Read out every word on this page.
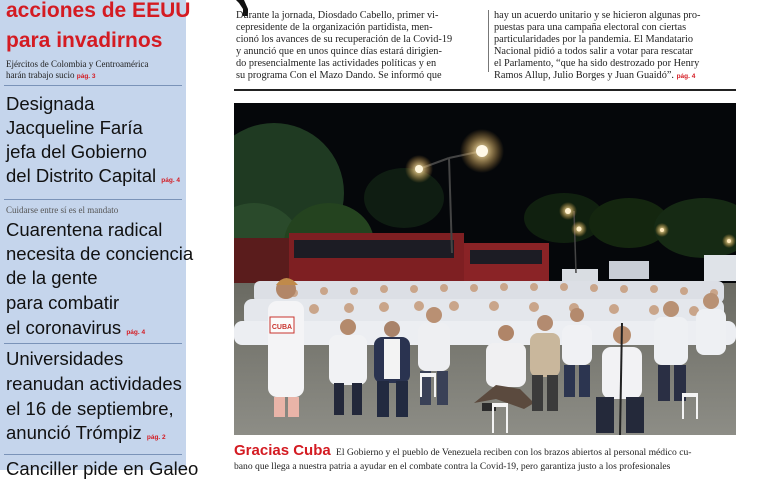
acciones de EEUU
para invadirnos
Ejércitos de Colombia y Centroamérica
harán trabajo sucio pág. 3
Designada
Jacqueline Faría
jefa del Gobierno
del Distrito Capital pág. 4
Cuidarse entre sí es el mandato
Cuarentena radical
necesita de conciencia
de la gente
para combatir
el coronavirus pág. 4
Universidades
reanudan actividades
el 16 de septiembre,
anunció Trómpiz pág. 2
Canciller pide en Galeo
Durante la jornada, Diosdado Cabello, primer vi-
cepresidente de la organización partidista, men-
cionó los avances de su recuperación de la Covid-19
y anunció que en unos quince días estará dirigien-
do presencialmente las actividades políticas y en
su programa Con el Mazo Dando. Se informó que
hay un acuerdo unitario y se hicieron algunas pro-
puestas para una campaña electoral con ciertas
particularidades por la pandemia. El Mandatario
Nacional pidió a todos salir a votar para rescatar
el Parlamento, “que ha sido destrozado por Henry
Ramos Allup, Julio Borges y Juan Guaidó”. pág. 4
CUBA
Gracias Cuba El Gobierno y el pueblo de Venezuela reciben con los brazos abiertos al personal médico cu-
bano que llega a nuestra patria a ayudar en el combate contra la Covid-19, pero garantiza justo a los profesionales
